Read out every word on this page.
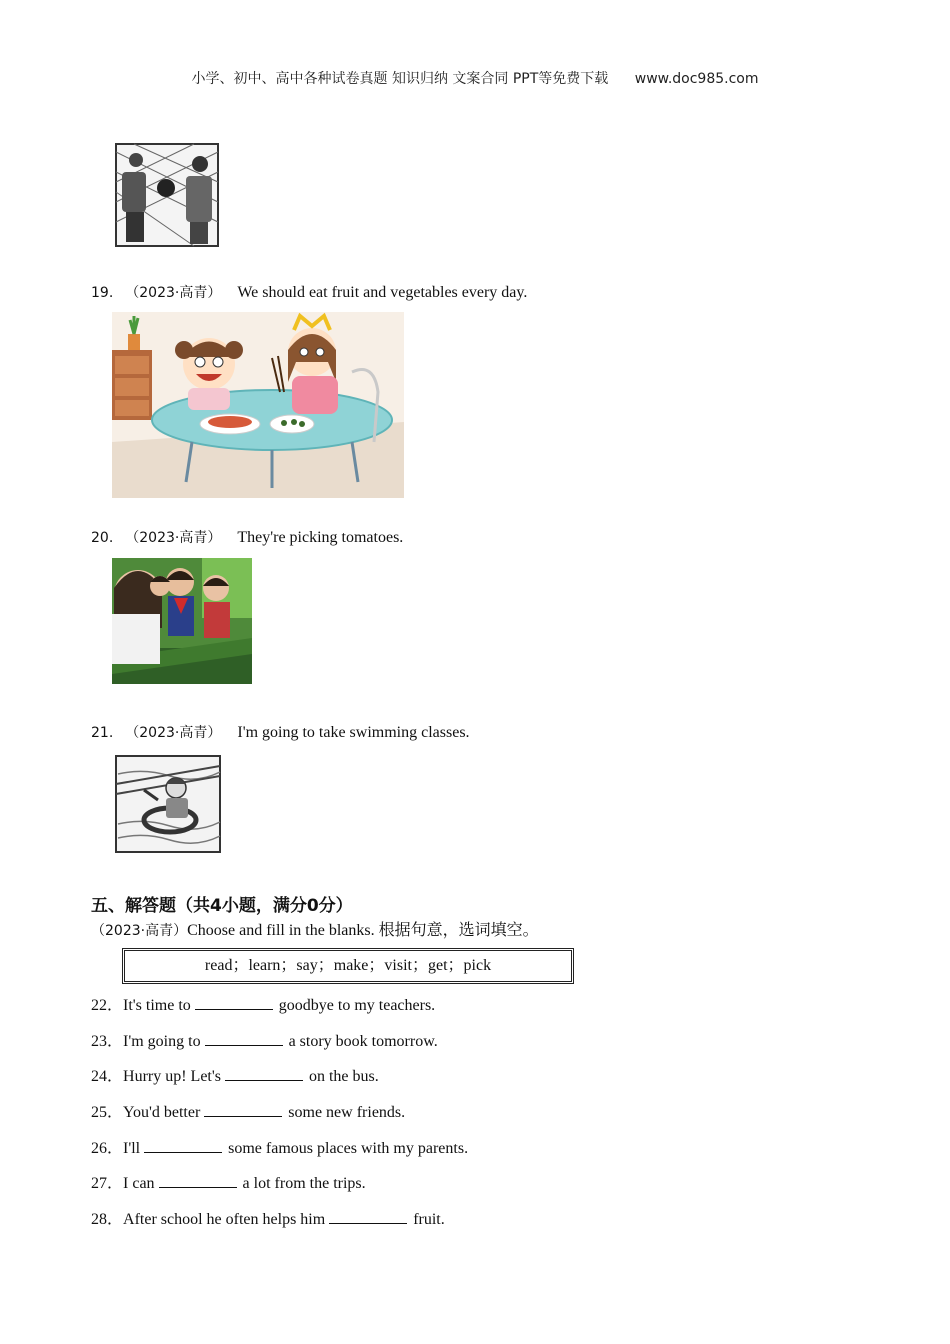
小学、初中、高中各种试卷真题 知识归纳 文案合同 PPT等免费下载 www.doc985.com
19. （2023·高青） We should eat fruit and vegetables every day.
20. （2023·高青） They're picking tomatoes.
21. （2023·高青） I'm going to take swimming classes.
五、解答题（共4小题，满分0分）
（2023·高青）Choose and fill in the blanks. 根据句意，选词填空。
read；learn；say；make；visit；get；pick
22．It's time to	goodbye to my teachers.
23．I'm going to	a story book tomorrow.
24．Hurry up! Let's	on the bus.
25．You'd better	some new friends.
26．I'll	some famous places with my parents.
27．I can	a lot from the trips.
28．After school he often helps him	fruit.
